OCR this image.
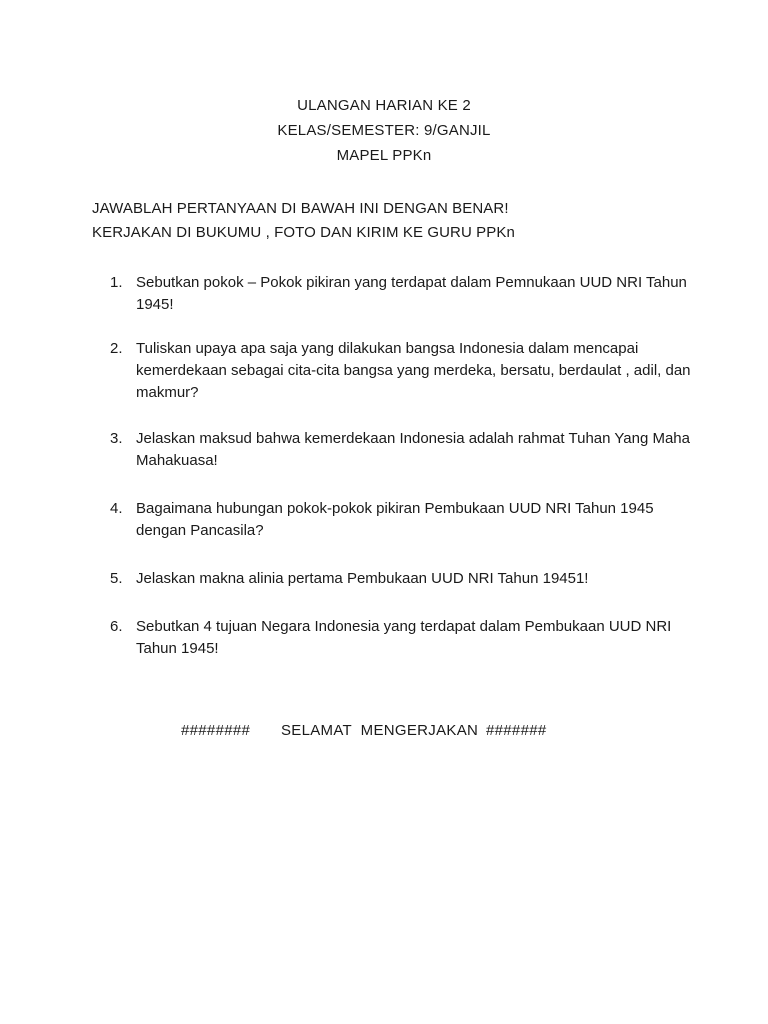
ULANGAN HARIAN KE 2
KELAS/SEMESTER: 9/GANJIL
MAPEL PPKn
JAWABLAH PERTANYAAN DI BAWAH INI DENGAN BENAR!
KERJAKAN DI BUKUMU , FOTO DAN KIRIM KE GURU PPKn
1. Sebutkan pokok – Pokok pikiran yang terdapat dalam Pemnukaan UUD NRI Tahun 1945!
2. Tuliskan upaya apa saja yang dilakukan bangsa Indonesia dalam mencapai kemerdekaan sebagai cita-cita bangsa yang merdeka, bersatu, berdaulat , adil, dan makmur?
3. Jelaskan maksud bahwa kemerdekaan Indonesia adalah rahmat Tuhan Yang Maha Mahakuasa!
4. Bagaimana hubungan pokok-pokok pikiran Pembukaan UUD NRI Tahun 1945 dengan Pancasila?
5. Jelaskan makna alinia pertama Pembukaan UUD NRI Tahun 19451!
6. Sebutkan 4 tujuan Negara Indonesia yang terdapat dalam Pembukaan UUD NRI Tahun 1945!
######## SELAMAT  MENGERJAKAN #######
